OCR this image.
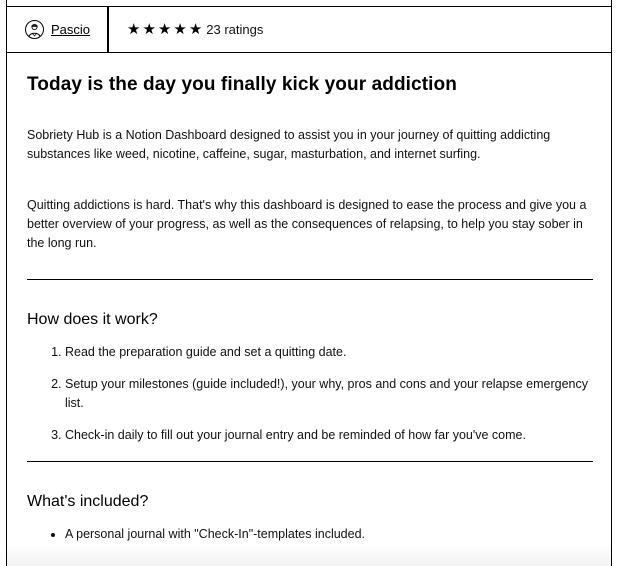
Pascio ★ ★ ★ ★ ★ 23 ratings
Today is the day you finally kick your addiction

Sobriety Hub is a Notion Dashboard designed to assist you in your journey of quitting addicting substances like weed, nicotine, caffeine, sugar, masturbation, and internet surfing.

Quitting addictions is hard. That's why this dashboard is designed to ease the process and give you a better overview of your progress, as well as the consequences of relapsing, to help you stay sober in the long run.

How does it work?
1. Read the preparation guide and set a quitting date.
2. Setup your milestones (guide included!), your why, pros and cons and your relapse emergency list.
3. Check-in daily to fill out your journal entry and be reminded of how far you've come.
What's included?
• A personal journal with "Check-In"-templates included.
